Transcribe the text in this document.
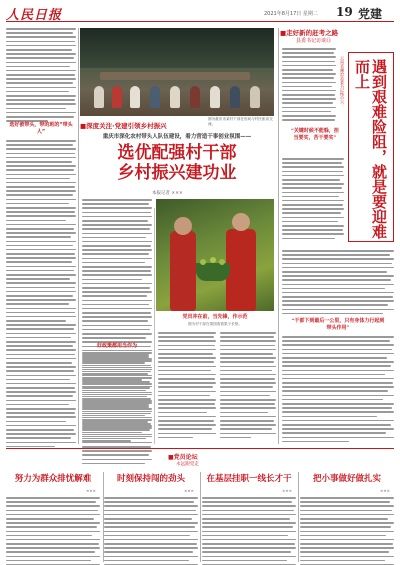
人民日报	2021年8月17日 星期二 19 党建
选好被带头，带的班的“带头人”
图为重庆市某村干部在田间与村民座谈交流。
■深度关注·党建引领乡村振兴
重庆市深化农村带头人队伍建设，着力营造干事创业氛围——
选优配强村干部
乡村振兴建功业
本报记者 ×××
党员冲在前，当先锋，作示范
图为村干部在果园查看果子长势。
好政策都用当作为
■走好新的赶考之路
县委书记访谈⑪
云南省澜沧县委书记杨中兴：	遇到艰难险阻，就是要迎难而上
“关键时候不能躲，担当要实，苦干要实”
“干部下到最后一公里，只有身体力行起到带头作用”
■党员论坛
永远跟党走
努力为群众排忧解难
×××
时刻保持闯的劲头
×××
在基层挂职一线长才干
×××
把小事做好做扎实
×××
